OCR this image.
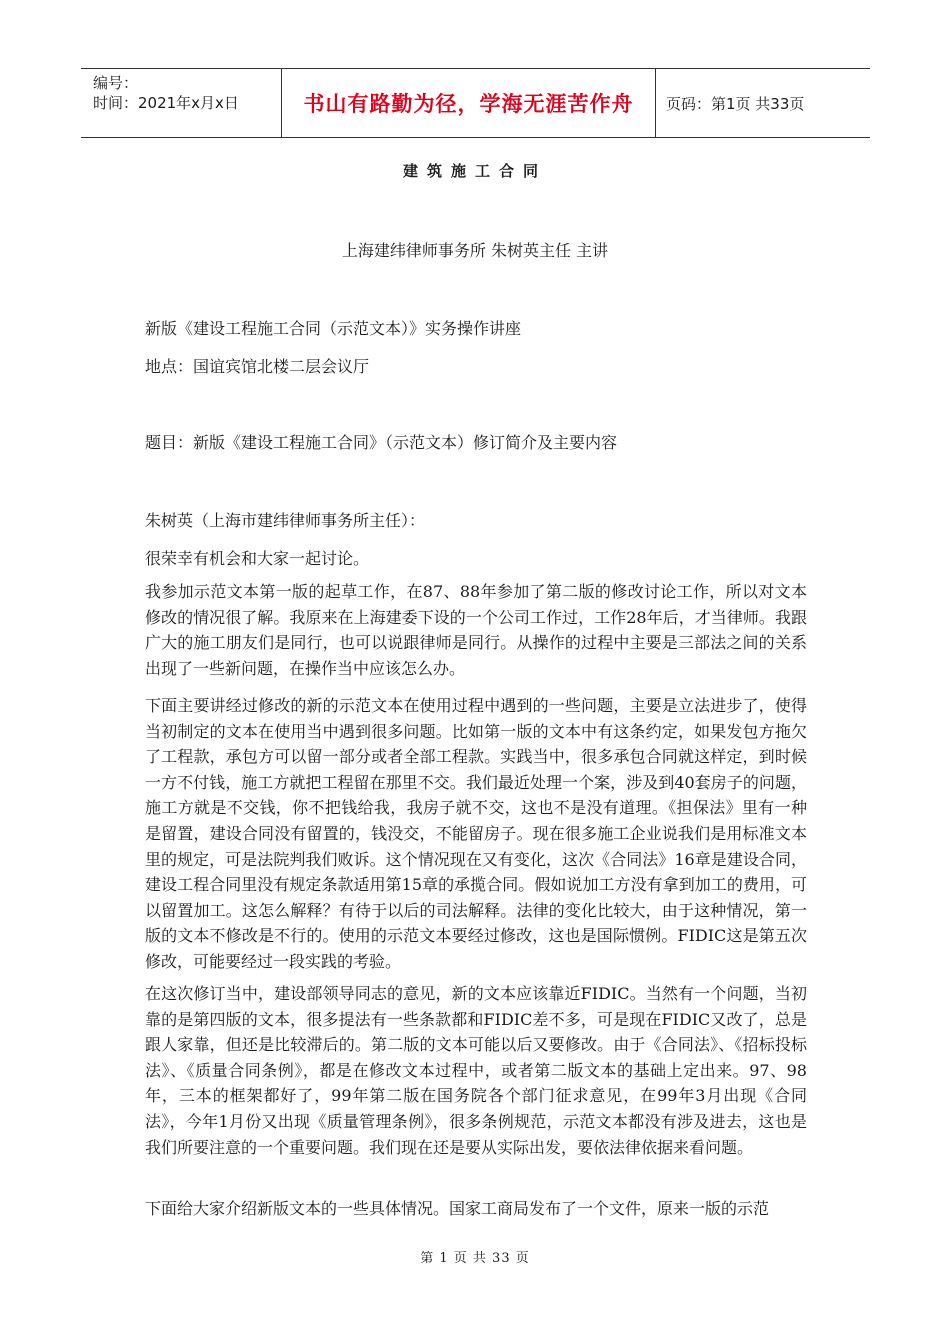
编号：
时间：2021年x月x日	书山有路勤为径，学海无涯苦作舟	页码：第1页 共33页
建筑施工合同
上海建纬律师事务所 朱树英主任 主讲
新版《建设工程施工合同（示范文本）》实务操作讲座
地点：国谊宾馆北楼二层会议厅
题目：新版《建设工程施工合同》（示范文本）修订简介及主要内容
朱树英（上海市建纬律师事务所主任）：
很荣幸有机会和大家一起讨论。

我参加示范文本第一版的起草工作，在87、88年参加了第二版的修改讨论工作，所以对文本修改的情况很了解。我原来在上海建委下设的一个公司工作过，工作28年后，才当律师。我跟广大的施工朋友们是同行，也可以说跟律师是同行。从操作的过程中主要是三部法之间的关系出现了一些新问题，在操作当中应该怎么办。

下面主要讲经过修改的新的示范文本在使用过程中遇到的一些问题，主要是立法进步了，使得当初制定的文本在使用当中遇到很多问题。比如第一版的文本中有这条约定，如果发包方拖欠了工程款，承包方可以留一部分或者全部工程款。实践当中，很多承包合同就这样定，到时候一方不付钱，施工方就把工程留在那里不交。我们最近处理一个案，涉及到40套房子的问题，施工方就是不交钱，你不把钱给我，我房子就不交，这也不是没有道理。《担保法》里有一种是留置，建设合同没有留置的，钱没交，不能留房子。现在很多施工企业说我们是用标准文本里的规定，可是法院判我们败诉。这个情况现在又有变化，这次《合同法》16章是建设合同，建设工程合同里没有规定条款适用第15章的承揽合同。假如说加工方没有拿到加工的费用，可以留置加工。这怎么解释？有待于以后的司法解释。法律的变化比较大，由于这种情况，第一版的文本不修改是不行的。使用的示范文本要经过修改，这也是国际惯例。FIDIC这是第五次修改，可能要经过一段实践的考验。

在这次修订当中，建设部领导同志的意见，新的文本应该靠近FIDIC。当然有一个问题，当初靠的是第四版的文本，很多提法有一些条款都和FIDIC差不多，可是现在FIDIC又改了，总是跟人家靠，但还是比较滞后的。第二版的文本可能以后又要修改。由于《合同法》、《招标投标法》、《质量合同条例》，都是在修改文本过程中，或者第二版文本的基础上定出来。97、98年，三本的框架都好了，99年第二版在国务院各个部门征求意见，在99年3月出现《合同法》，今年1月份又出现《质量管理条例》，很多条例规范，示范文本都没有涉及进去，这也是我们所要注意的一个重要问题。我们现在还是要从实际出发，要依法律依据来看问题。

下面给大家介绍新版文本的一些具体情况。国家工商局发布了一个文件，原来一版的示范

第 1 页 共 33 页
